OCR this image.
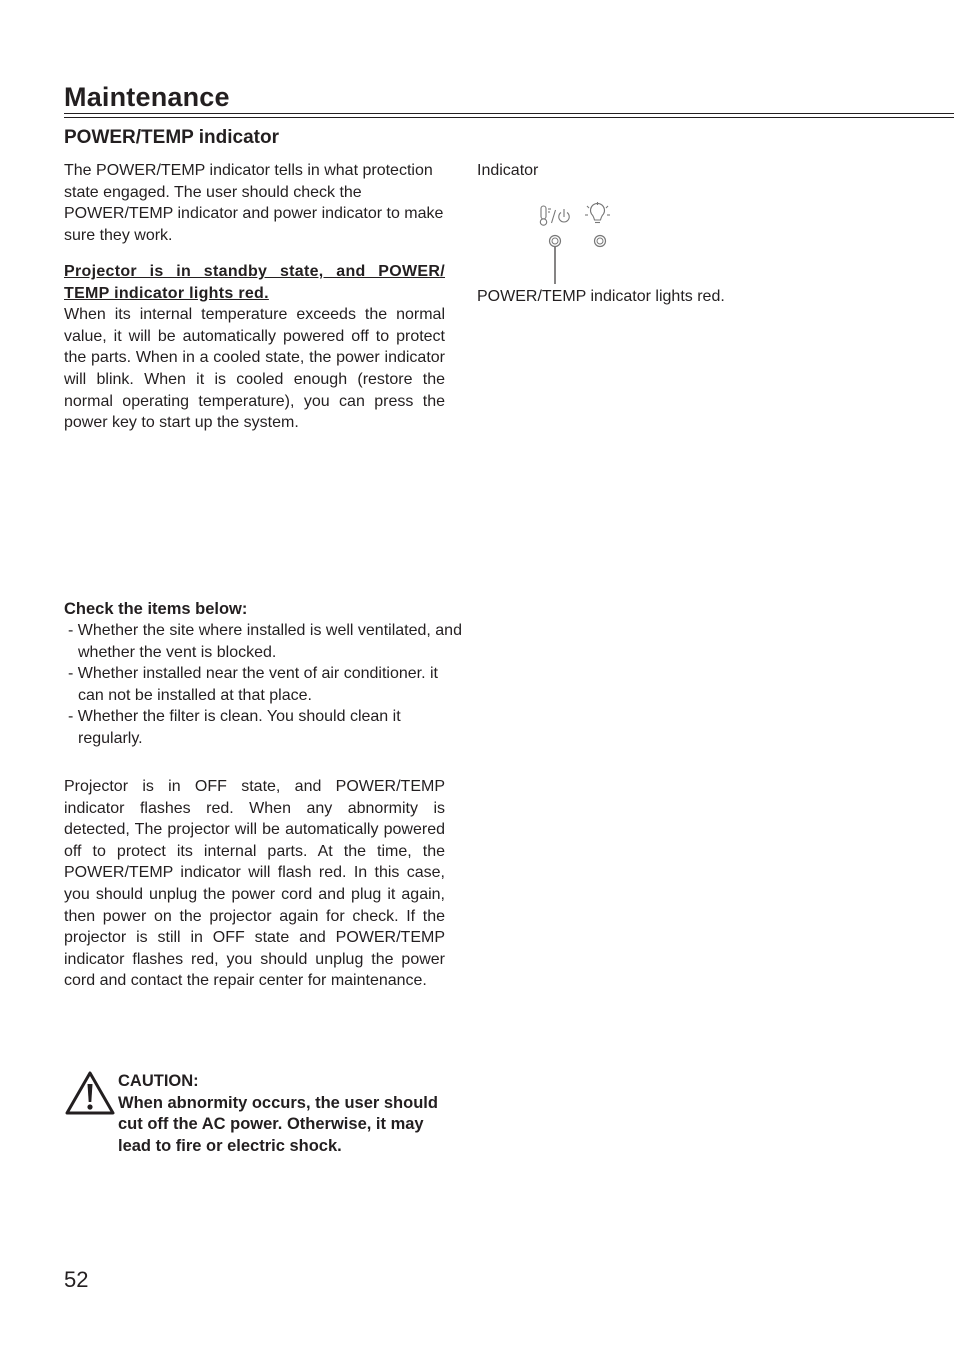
Maintenance
POWER/TEMP indicator

The POWER/TEMP indicator tells in what protection state engaged. The user should check the POWER/TEMP indicator and power indicator to make sure they work.

Projector is in standby state, and POWER/ TEMP indicator lights red.

When its internal temperature exceeds the normal value, it will be automatically powered off to protect the parts. When in a cooled state, the power indicator will blink. When it is cooled enough (restore the normal operating temperature), you can press the power key to start up the system.

Check the items below:

- Whether the site where installed is well ventilated, and whether the vent is blocked.
- Whether installed near the vent of air conditioner. it can not be installed at that place.
- Whether the filter is clean. You should clean it regularly.

Projector is in OFF state, and POWER/TEMP indicator flashes red. When any abnormity is detected, The projector will be automatically powered off to protect its internal parts. At the time, the POWER/TEMP indicator will flash red. In this case, you should unplug the power cord and plug it again, then power on the projector again for check. If the projector is still in OFF state and POWER/TEMP indicator flashes red, you should unplug the power cord and contact the repair center for maintenance.

CAUTION:

When abnormity occurs, the user should cut off the AC power. Otherwise, it may lead to fire or electric shock.

Indicator
POWER/TEMP indicator lights red.
52
